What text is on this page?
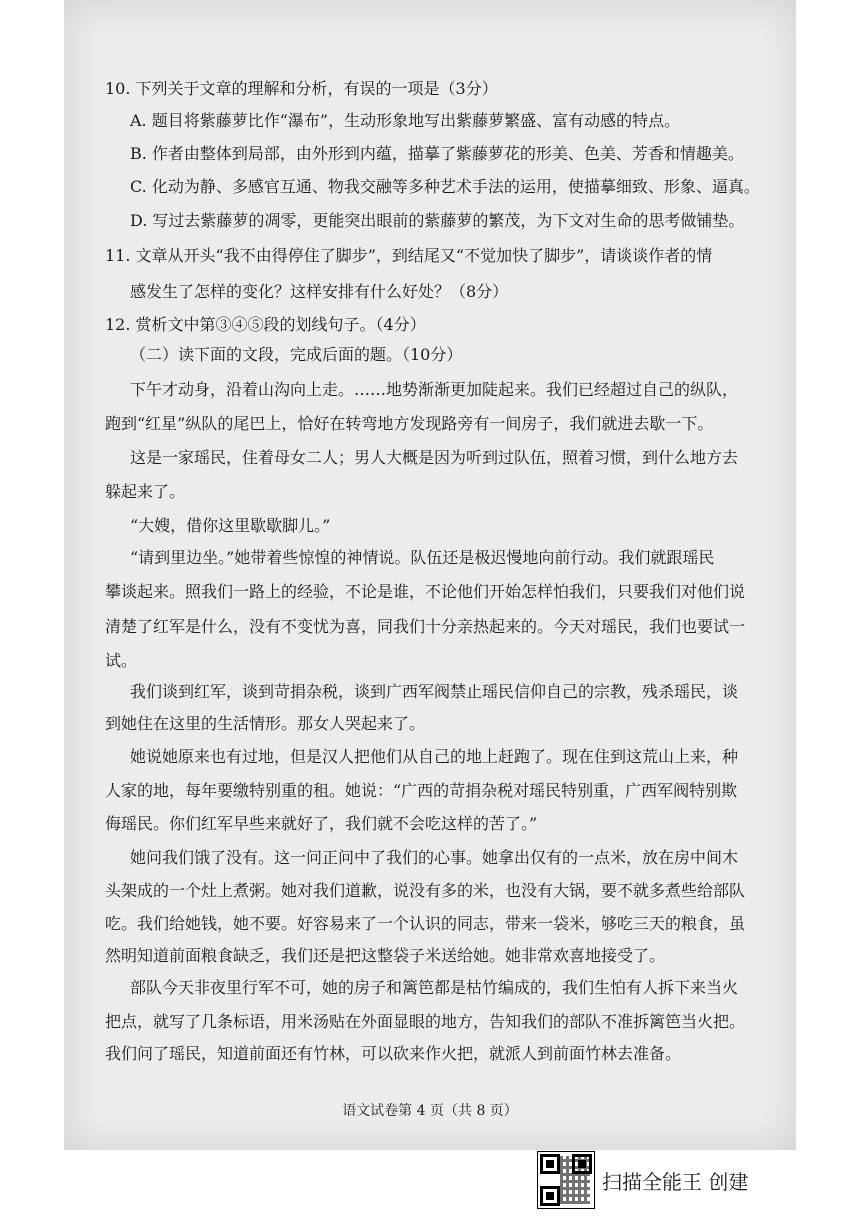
10. 下列关于文章的理解和分析，有误的一项是（3分）
A. 题目将紫藤萝比作“瀑布”，生动形象地写出紫藤萝繁盛、富有动感的特点。
B. 作者由整体到局部，由外形到内蕴，描摹了紫藤萝花的形美、色美、芳香和情趣美。
C. 化动为静、多感官互通、物我交融等多种艺术手法的运用，使描摹细致、形象、逼真。
D. 写过去紫藤萝的凋零，更能突出眼前的紫藤萝的繁茂，为下文对生命的思考做铺垫。
11. 文章从开头“我不由得停住了脚步”，到结尾又“不觉加快了脚步”，请谈谈作者的情
感发生了怎样的变化？这样安排有什么好处？（8分）
12. 赏析文中第③④⑤段的划线句子。（4分）
（二）读下面的文段，完成后面的题。（10分）
下午才动身，沿着山沟向上走。……地势渐渐更加陡起来。我们已经超过自己的纵队，
跑到“红星”纵队的尾巴上，恰好在转弯地方发现路旁有一间房子，我们就进去歇一下。
这是一家瑶民，住着母女二人；男人大概是因为听到过队伍，照着习惯，到什么地方去
躲起来了。
“大嫂，借你这里歇歇脚儿。”
“请到里边坐。”她带着些惊惶的神情说。队伍还是极迟慢地向前行动。我们就跟瑶民
攀谈起来。照我们一路上的经验，不论是谁，不论他们开始怎样怕我们，只要我们对他们说
清楚了红军是什么，没有不变忧为喜，同我们十分亲热起来的。今天对瑶民，我们也要试一
试。
我们谈到红军，谈到苛捐杂税，谈到广西军阀禁止瑶民信仰自己的宗教，残杀瑶民，谈
到她住在这里的生活情形。那女人哭起来了。
她说她原来也有过地，但是汉人把他们从自己的地上赶跑了。现在住到这荒山上来，种
人家的地，每年要缴特别重的租。她说：“广西的苛捐杂税对瑶民特别重，广西军阀特别欺
侮瑶民。你们红军早些来就好了，我们就不会吃这样的苦了。”
她问我们饿了没有。这一问正问中了我们的心事。她拿出仅有的一点米，放在房中间木
头架成的一个灶上煮粥。她对我们道歉，说没有多的米，也没有大锅，要不就多煮些给部队
吃。我们给她钱，她不要。好容易来了一个认识的同志，带来一袋米，够吃三天的粮食，虽
然明知道前面粮食缺乏，我们还是把这整袋子米送给她。她非常欢喜地接受了。
部队今天非夜里行军不可，她的房子和篱笆都是枯竹编成的，我们生怕有人拆下来当火
把点，就写了几条标语，用米汤贴在外面显眼的地方，告知我们的部队不准拆篱笆当火把。
我们问了瑶民，知道前面还有竹林，可以砍来作火把，就派人到前面竹林去准备。
语文试卷第 4 页（共 8 页）
扫描全能王 创建
